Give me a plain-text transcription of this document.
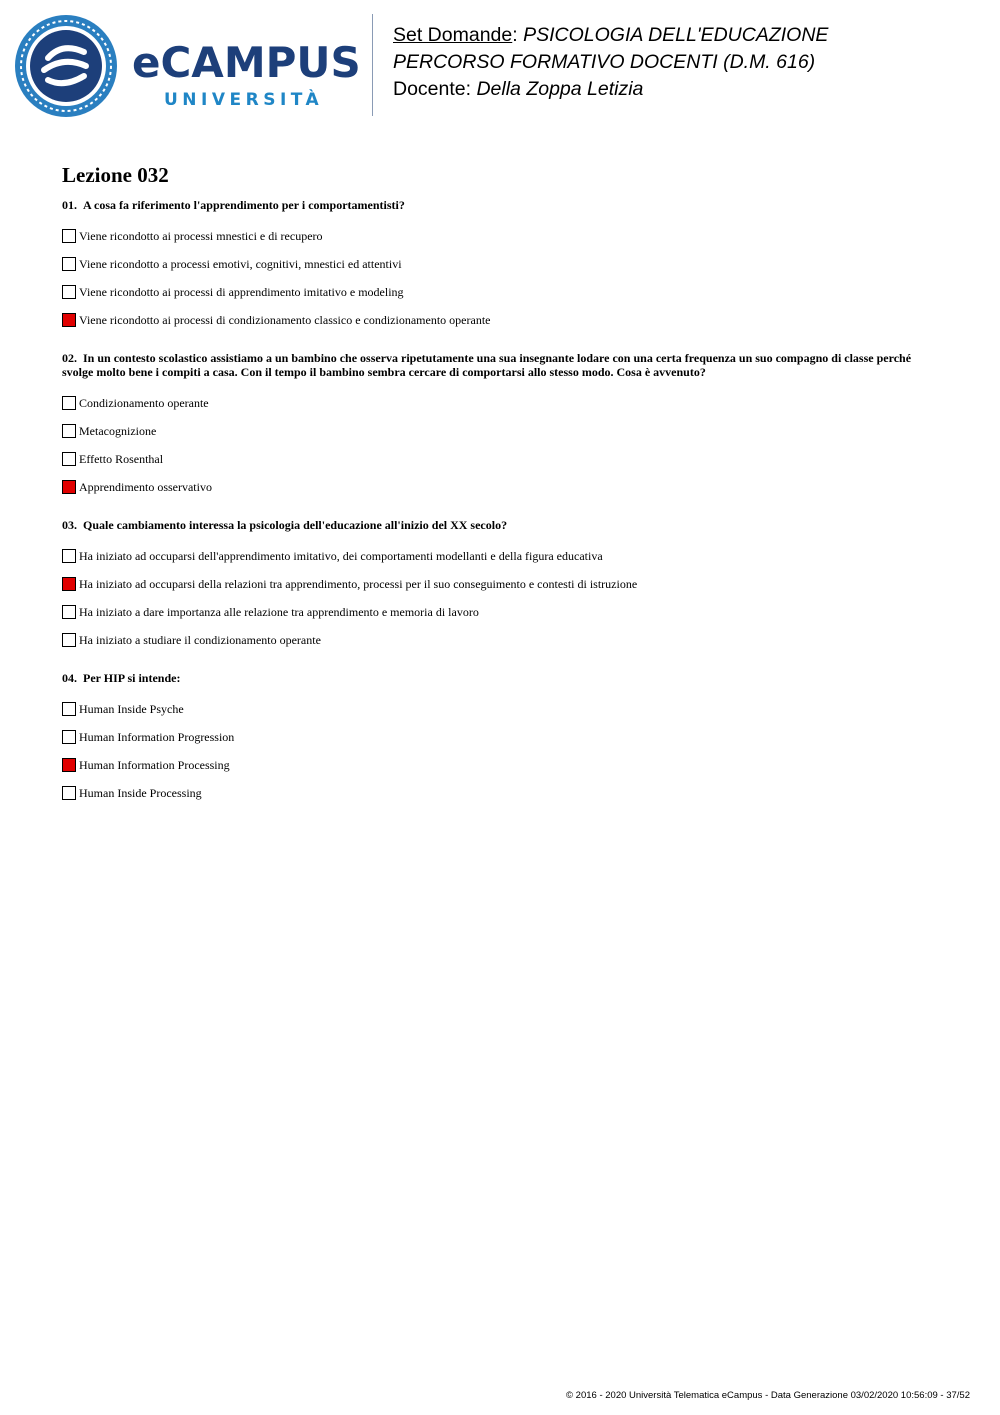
eCAMPUS
UNIVERSITÀ
Set Domande: PSICOLOGIA DELL'EDUCAZIONE
PERCORSO FORMATIVO DOCENTI (D.M. 616)
Docente: Della Zoppa Letizia
Lezione 032
01. A cosa fa riferimento l'apprendimento per i comportamentisti?
Viene ricondotto ai processi mnestici e di recupero
Viene ricondotto a processi emotivi, cognitivi, mnestici ed attentivi
Viene ricondotto ai processi di apprendimento imitativo e modeling
Viene ricondotto ai processi di condizionamento classico e condizionamento operante
02. In un contesto scolastico assistiamo a un bambino che osserva ripetutamente una sua insegnante lodare con una certa frequenza un suo compagno di classe perché svolge molto bene i compiti a casa. Con il tempo il bambino sembra cercare di comportarsi allo stesso modo. Cosa è avvenuto?
Condizionamento operante
Metacognizione
Effetto Rosenthal
Apprendimento osservativo
03. Quale cambiamento interessa la psicologia dell'educazione all'inizio del XX secolo?
Ha iniziato ad occuparsi dell'apprendimento imitativo, dei comportamenti modellanti e della figura educativa
Ha iniziato ad occuparsi della relazioni tra apprendimento, processi per il suo conseguimento e contesti di istruzione
Ha iniziato a dare importanza alle relazione tra apprendimento e memoria di lavoro
Ha iniziato a studiare il condizionamento operante
04. Per HIP si intende:
Human Inside Psyche
Human Information Progression
Human Information Processing
Human Inside Processing
© 2016 - 2020 Università Telematica eCampus - Data Generazione 03/02/2020 10:56:09 - 37/52
